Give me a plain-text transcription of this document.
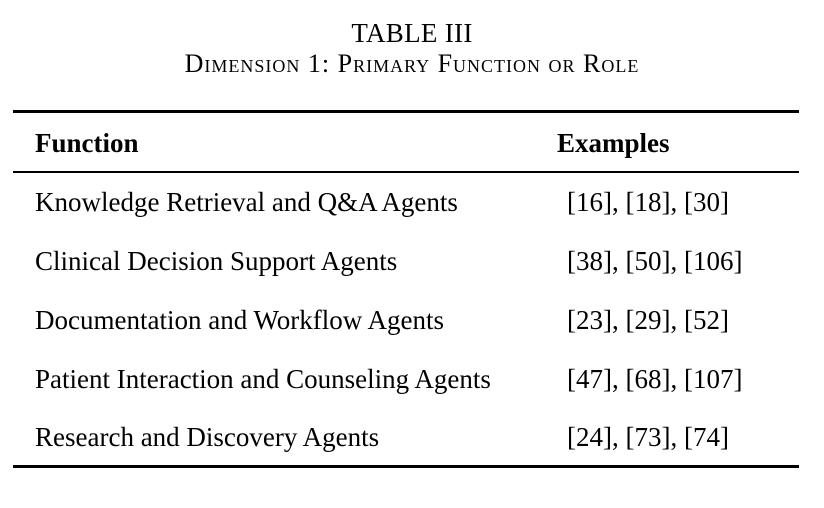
TABLE III
Dimension 1: Primary Function or Role
Function	Examples
Knowledge Retrieval and Q&A Agents	[16], [18], [30]
Clinical Decision Support Agents	[38], [50], [106]
Documentation and Workflow Agents	[23], [29], [52]
Patient Interaction and Counseling Agents	[47], [68], [107]
Research and Discovery Agents	[24], [73], [74]
